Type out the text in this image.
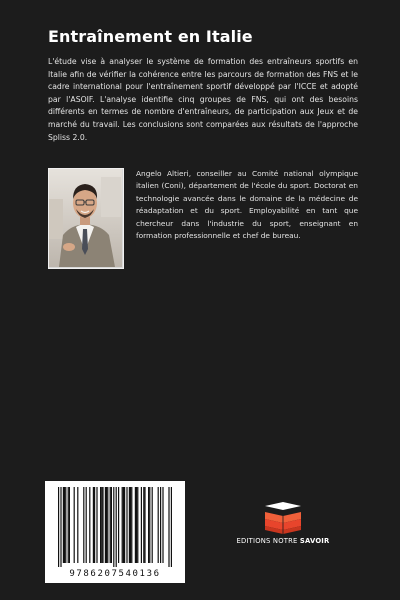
Entraînement en Italie

L'étude vise à analyser le système de formation des entraîneurs sportifs en Italie afin de vérifier la cohérence entre les parcours de formation des FNS et le cadre international pour l'entraînement sportif développé par l'ICCE et adopté par l'ASOIF. L'analyse identifie cinq groupes de FNS, qui ont des besoins différents en termes de nombre d'entraîneurs, de participation aux Jeux et de marché du travail. Les conclusions sont comparées aux résultats de l'approche Spliss 2.0.

Angelo Altieri, conseiller au Comité national olympique italien (Coni), département de l'école du sport. Doctorat en technologie avancée dans le domaine de la médecine de réadaptation et du sport. Employabilité en tant que chercheur dans l'industrie du sport, enseignant en formation professionnelle et chef de bureau.

9786207540136
EDITIONS NOTRE SAVOIR
